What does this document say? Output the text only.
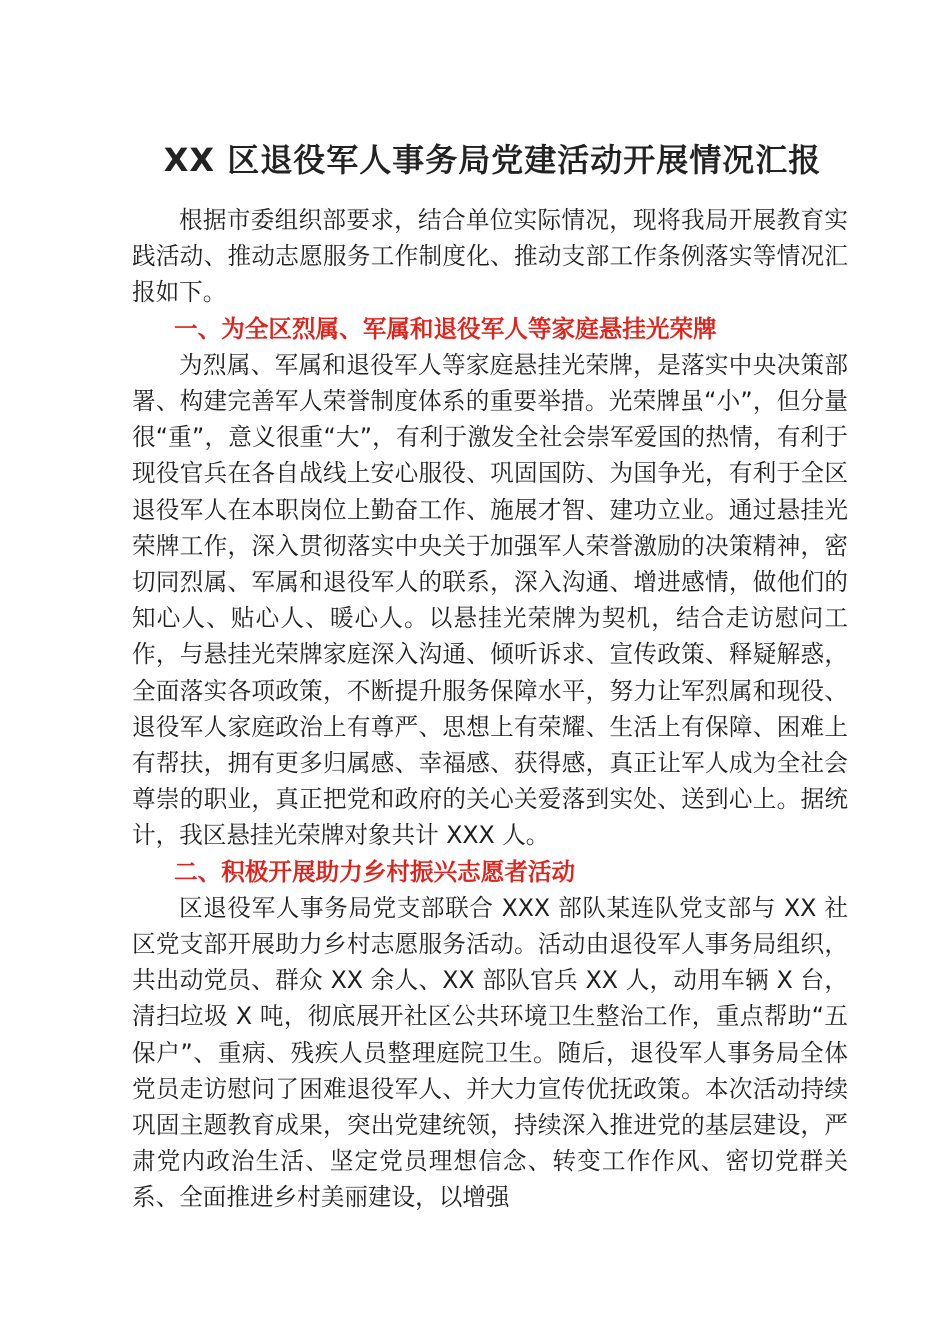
XX 区退役军人事务局党建活动开展情况汇报

根据市委组织部要求，结合单位实际情况，现将我局开展教育实践活动、推动志愿服务工作制度化、推动支部工作条例落实等情况汇报如下。

一、为全区烈属、军属和退役军人等家庭悬挂光荣牌

为烈属、军属和退役军人等家庭悬挂光荣牌，是落实中央决策部署、构建完善军人荣誉制度体系的重要举措。光荣牌虽“小”，但分量很“重”，意义很重“大”，有利于激发全社会崇军爱国的热情，有利于现役官兵在各自战线上安心服役、巩固国防、为国争光，有利于全区退役军人在本职岗位上勤奋工作、施展才智、建功立业。通过悬挂光荣牌工作，深入贯彻落实中央关于加强军人荣誉激励的决策精神，密切同烈属、军属和退役军人的联系，深入沟通、增进感情，做他们的知心人、贴心人、暖心人。以悬挂光荣牌为契机，结合走访慰问工作，与悬挂光荣牌家庭深入沟通、倾听诉求、宣传政策、释疑解惑，全面落实各项政策，不断提升服务保障水平，努力让军烈属和现役、退役军人家庭政治上有尊严、思想上有荣耀、生活上有保障、困难上有帮扶，拥有更多归属感、幸福感、获得感，真正让军人成为全社会尊崇的职业，真正把党和政府的关心关爱落到实处、送到心上。据统计，我区悬挂光荣牌对象共计 XXX 人。

二、积极开展助力乡村振兴志愿者活动

区退役军人事务局党支部联合 XXX 部队某连队党支部与 XX 社区党支部开展助力乡村志愿服务活动。活动由退役军人事务局组织，共出动党员、群众 XX 余人、XX 部队官兵 XX 人，动用车辆 X 台，清扫垃圾 X 吨，彻底展开社区公共环境卫生整治工作，重点帮助“五保户”、重病、残疾人员整理庭院卫生。随后，退役军人事务局全体党员走访慰问了困难退役军人、并大力宣传优抚政策。本次活动持续巩固主题教育成果，突出党建统领，持续深入推进党的基层建设，严肃党内政治生活、坚定党员理想信念、转变工作作风、密切党群关系、全面推进乡村美丽建设，以增强
